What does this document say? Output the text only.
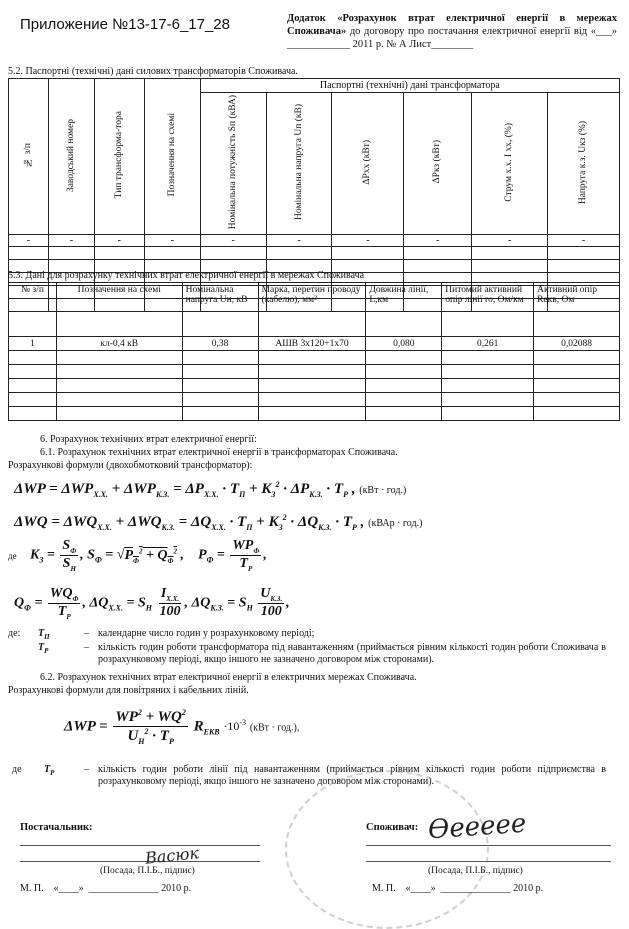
Приложение №13-17-6_17_28	Додаток «Розрахунок втрат електричної енергії в мережах Споживача» до договору про постачання електричної енергії від «___» ____________ 2011 р. № А Лист________
5.2. Паспортні (технічні) дані силових трансформаторів Споживача.
№ з/п	Заводський номер	Тип трансформа-тора	Позначення на схемі	Паспортні (технічні) дані трансформатора					
				Номінальна потужність Sп (кВА)	Номінальна напруга Uп (кВ)	ΔPхх (кВт)	ΔPкз (кВт)	Струм х.х. I хх, (%)	Напруга к.з. Uкз (%)
-	-	-	-	-	-	-	-	-	-

5.3. Дані для розрахунку технічних втрат електричної енергії в мережах Споживача
№ з/п	Позначення на схемі	Номінальна напруга Uн, кВ	Марка, перетин проводу (кабелю), мм²	Довжина лінії, L,км	Питомий активний опір лінії rо, Ом/км	Активний опір Rекв, Ом
1	кл-0,4 кВ	0,38	АШВ 3х120+1х70	0,080	0,261	0,02088

6. Розрахунок технічних втрат електричної енергії:
6.1. Розрахунок технічних втрат електричної енергії в трансформаторах Споживача.
Розрахункові формули (двохобмотковий трансформатор):
$\Delta WP = \Delta WP_{X.X.} + \Delta WP_{K.З.} = \Delta P_{X.X.} \cdot T_П + K_З^2 \cdot \Delta P_{K.З.} \cdot T_P$ , (кВт · год.)
$\Delta WQ = \Delta WQ_{X.X.} + \Delta WQ_{K.З.} = \Delta Q_{X.X.} \cdot T_П + K_З^2 \cdot \Delta Q_{K.З.} \cdot T_P$ , (кВАр · год.)
де $K_З = \frac{S_Ф}{S_Н}$ , $S_Ф = √P_Ф^2 + Q_Ф^2$ ,    $P_Ф = \frac{WP_Ф}{T_P}$ ,
$Q_Ф = \frac{WQ_Ф}{T_P}$ , $\Delta Q_{X.X.} = S_H \frac{I_{X.X.}}{100}$ , $\Delta Q_{K.З.} = S_H \frac{U_{K.З.}}{100}$ ,
де: $T_П$	– календарне число годин у розрахунковому періоді;
$T_P$	– кількість годин роботи трансформатора під навантаженням (приймається рівним кількості годин роботи Споживача в розрахунковому періоді, якщо іншого не зазначено договором між сторонами).
6.2. Розрахунок технічних втрат електричної енергії в електричних мережах Споживача.
Розрахункові формули для повітряних і кабельних ліній.
$\Delta WP = \frac{WP^2 + WQ^2}{U_H^2 \cdot T_P} R_{EKB} \cdot 10^{-3}$ (кВт · год.),
де $T_P$	– кількість годин роботи лінії під навантаженням (приймається рівним кількості годин роботи підприємства в розрахунковому періоді, якщо іншого не зазначено договором між сторонами).
Постачальник:
Васюк
(Посада, П.І.Б., підпис)
М. П.    «____»  ______________ 2010 р.
Споживач: Ѳеееее
(Посада, П.І.Б., підпис)
М. П.    «____»  ______________ 2010 р.
